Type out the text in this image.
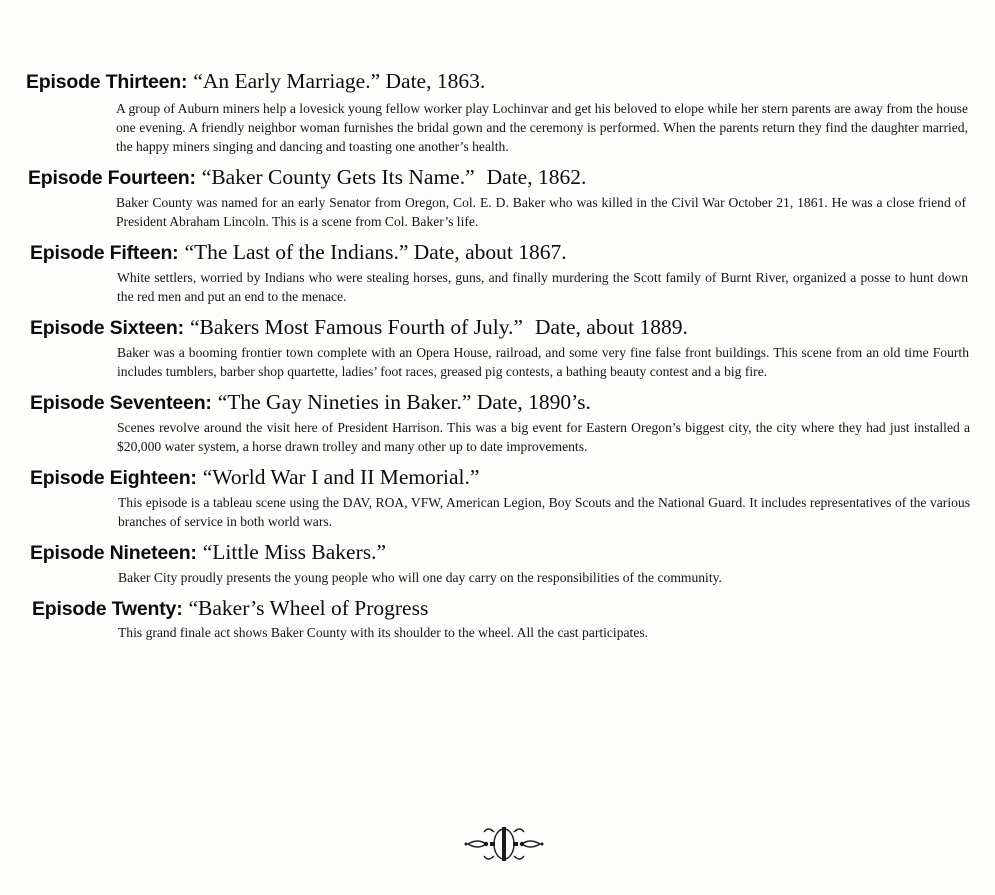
Episode Thirteen: “An Early Marriage.” Date, 1863.
A group of Auburn miners help a lovesick young fellow worker play Lochinvar and get his beloved to elope while her stern parents are away from the house one evening. A friendly neighbor woman furnishes the bridal gown and the ceremony is performed. When the parents return they find the daughter married, the happy miners singing and dancing and toasting one another’s health.
Episode Fourteen: “Baker County Gets Its Name.” Date, 1862.
Baker County was named for an early Senator from Oregon, Col. E. D. Baker who was killed in the Civil War October 21, 1861. He was a close friend of President Abraham Lincoln. This is a scene from Col. Baker’s life.
Episode Fifteen: “The Last of the Indians.” Date, about 1867.
White settlers, worried by Indians who were stealing horses, guns, and finally murdering the Scott family of Burnt River, organized a posse to hunt down the red men and put an end to the menace.
Episode Sixteen: “Bakers Most Famous Fourth of July.” Date, about 1889.
Baker was a booming frontier town complete with an Opera House, railroad, and some very fine false front buildings. This scene from an old time Fourth includes tumblers, barber shop quartette, ladies’ foot races, greased pig contests, a bathing beauty contest and a big fire.
Episode Seventeen: “The Gay Nineties in Baker.” Date, 1890’s.
Scenes revolve around the visit here of President Harrison. This was a big event for Eastern Oregon’s biggest city, the city where they had just installed a $20,000 water system, a horse drawn trolley and many other up to date improvements.
Episode Eighteen: “World War I and II Memorial.”
This episode is a tableau scene using the DAV, ROA, VFW, American Legion, Boy Scouts and the National Guard. It includes representatives of the various branches of service in both world wars.
Episode Nineteen: “Little Miss Bakers.”
Baker City proudly presents the young people who will one day carry on the responsibilities of the community.
Episode Twenty: “Baker’s Wheel of Progress
This grand finale act shows Baker County with its shoulder to the wheel. All the cast participates.
